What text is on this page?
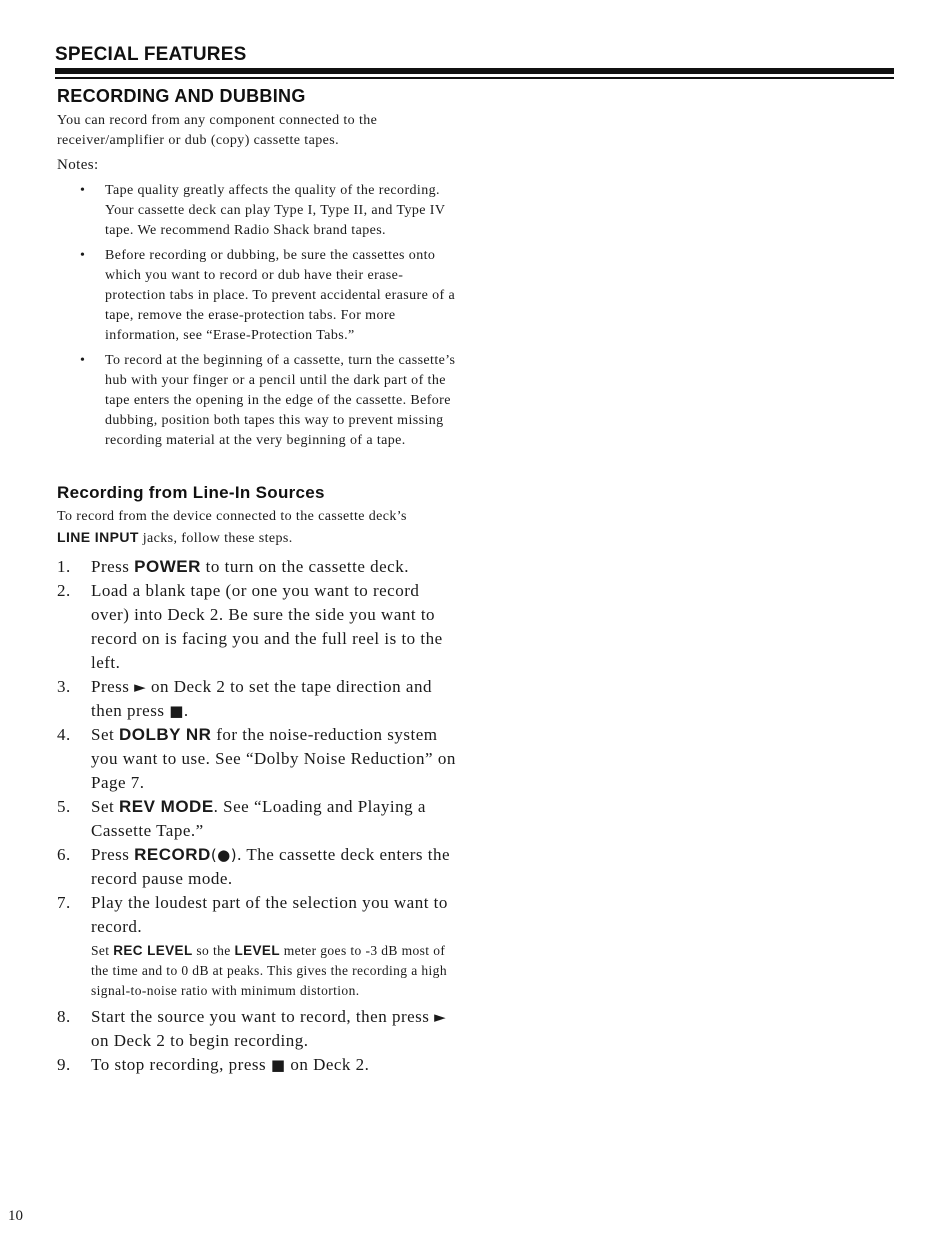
SPECIAL FEATURES
RECORDING AND DUBBING

You can record from any component connected to the receiver/amplifier or dub (copy) cassette tapes.

Notes:
• Tape quality greatly affects the quality of the recording. Your cassette deck can play Type I, Type II, and Type IV tape. We recommend Radio Shack brand tapes.
• Before recording or dubbing, be sure the cassettes onto which you want to record or dub have their erase-protection tabs in place. To prevent accidental erasure of a tape, remove the erase-protection tabs. For more information, see “Erase-Protection Tabs.”
• To record at the beginning of a cassette, turn the cassette’s hub with your finger or a pencil until the dark part of the tape enters the opening in the edge of the cassette. Before dubbing, position both tapes this way to prevent missing recording material at the very beginning of a tape.
Recording from Line-In Sources

To record from the device connected to the cassette deck’s
LINE INPUT jacks, follow these steps.

1. Press POWER to turn on the cassette deck.
2. Load a blank tape (or one you want to record over) into Deck 2. Be sure the side you want to record on is facing you and the full reel is to the left.
3. Press ► on Deck 2 to set the tape direction and then press ■.
4. Set DOLBY NR for the noise-reduction system you want to use. See “Dolby Noise Reduction” on Page 7.
5. Set REV MODE. See “Loading and Playing a Cassette Tape.”
6. Press RECORD(●). The cassette deck enters the record pause mode.
7. Play the loudest part of the selection you want to record.
Set REC LEVEL so the LEVEL meter goes to -3 dB most of the time and to 0 dB at peaks. This gives the recording a high signal-to-noise ratio with minimum distortion.
8. Start the source you want to record, then press ► on Deck 2 to begin recording.
9. To stop recording, press ■ on Deck 2.
10
